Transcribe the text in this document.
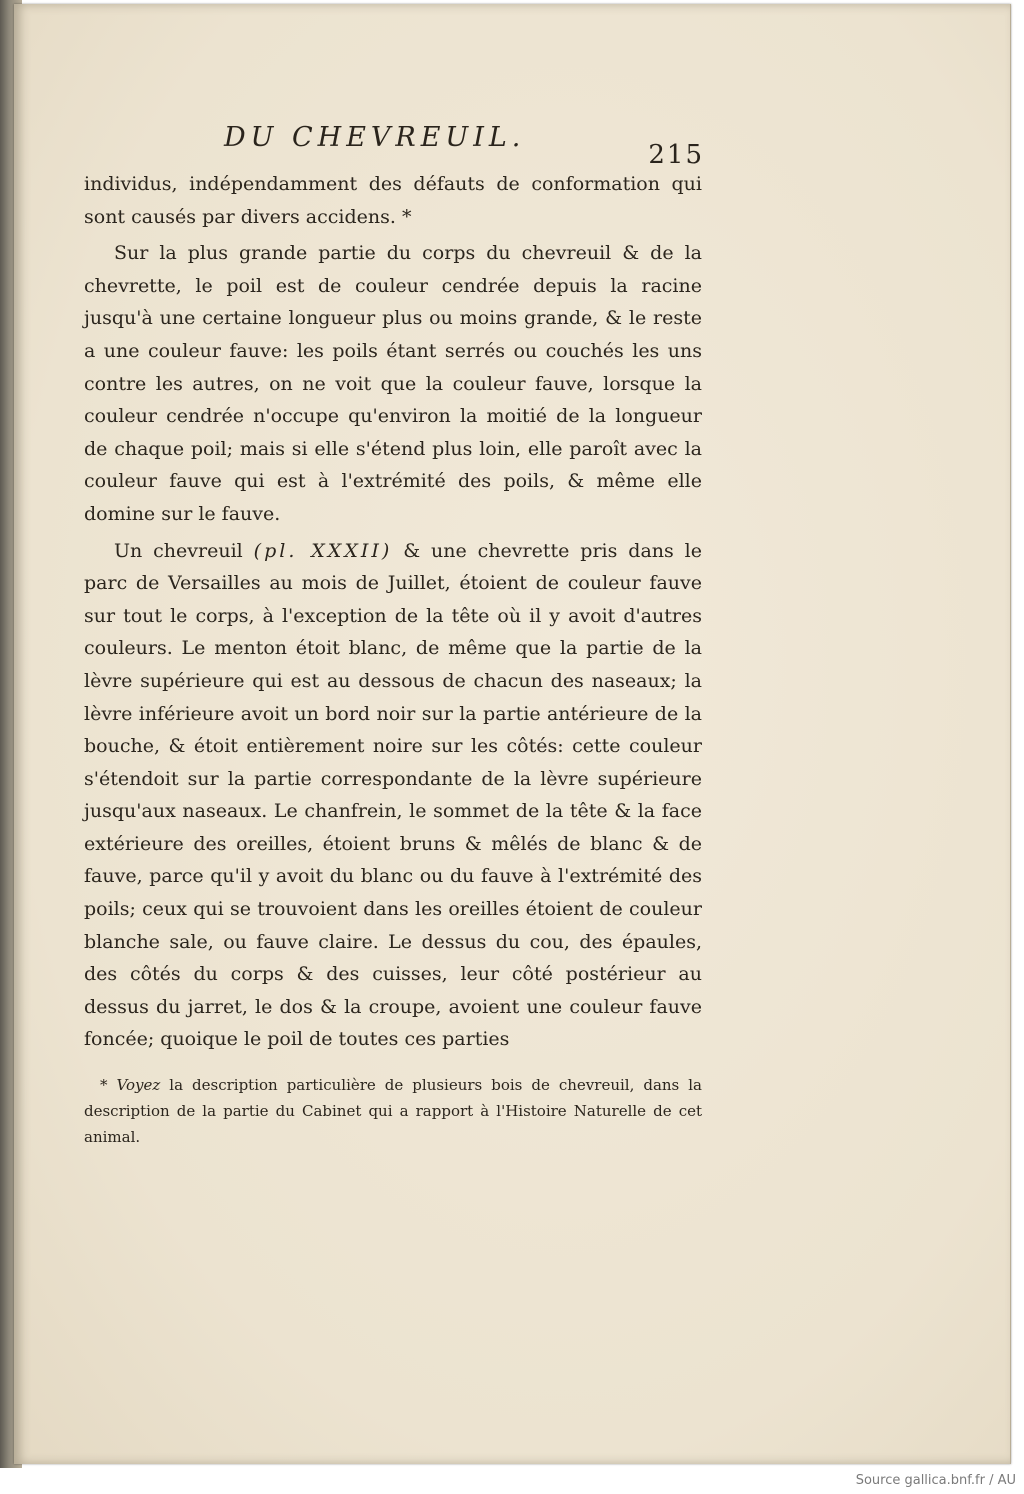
DU CHEVREUIL.
215

individus, indépendamment des défauts de conformation qui sont causés par divers accidens. *

Sur la plus grande partie du corps du chevreuil & de la chevrette, le poil est de couleur cendrée depuis la racine jusqu'à une certaine longueur plus ou moins grande, & le reste a une couleur fauve: les poils étant serrés ou couchés les uns contre les autres, on ne voit que la couleur fauve, lorsque la couleur cendrée n'occupe qu'environ la moitié de la longueur de chaque poil; mais si elle s'étend plus loin, elle paroît avec la couleur fauve qui est à l'extrémité des poils, & même elle domine sur le fauve.

Un chevreuil (pl. XXXII) & une chevrette pris dans le parc de Versailles au mois de Juillet, étoient de couleur fauve sur tout le corps, à l'exception de la tête où il y avoit d'autres couleurs. Le menton étoit blanc, de même que la partie de la lèvre supérieure qui est au dessous de chacun des naseaux; la lèvre inférieure avoit un bord noir sur la partie antérieure de la bouche, & étoit entièrement noire sur les côtés: cette couleur s'étendoit sur la partie correspondante de la lèvre supérieure jusqu'aux naseaux. Le chanfrein, le sommet de la tête & la face extérieure des oreilles, étoient bruns & mêlés de blanc & de fauve, parce qu'il y avoit du blanc ou du fauve à l'extrémité des poils; ceux qui se trouvoient dans les oreilles étoient de couleur blanche sale, ou fauve claire. Le dessus du cou, des épaules, des côtés du corps & des cuisses, leur côté postérieur au dessus du jarret, le dos & la croupe, avoient une couleur fauve foncée; quoique le poil de toutes ces parties

* Voyez la description particulière de plusieurs bois de chevreuil, dans la description de la partie du Cabinet qui a rapport à l'Histoire Naturelle de cet animal.
Source gallica.bnf.fr / AU
